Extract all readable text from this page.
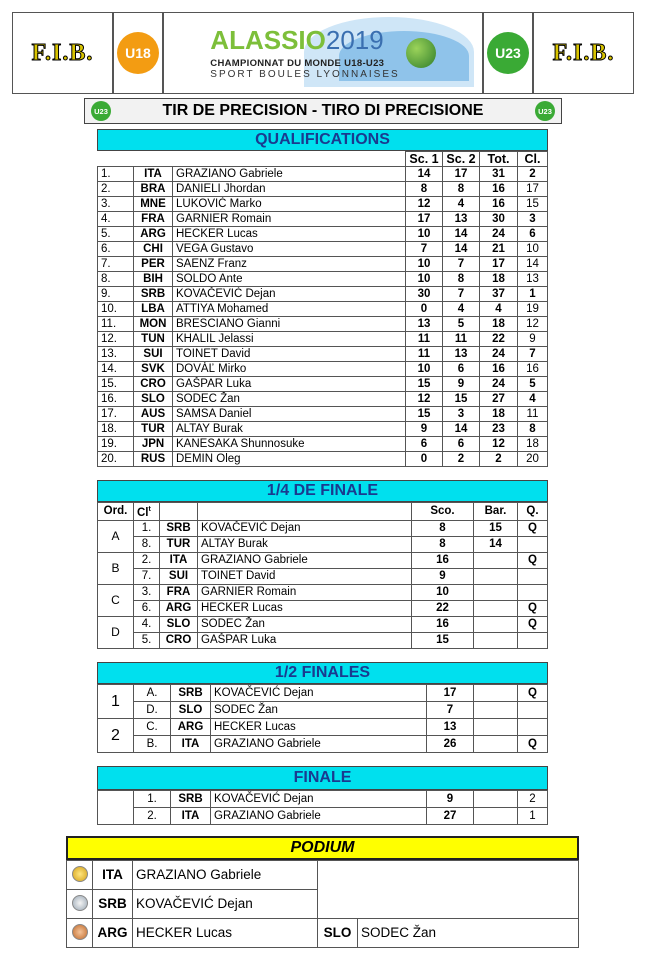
F.I.B.	U18	ALASSIO2019
CHAMPIONNAT DU MONDE U18-U23
SPORT BOULES LYONNAISES
U23	F.I.B.
U23	TIR DE PRECISION - TIRO DI PRECISIONE	U23
QUALIFICATIONS
			Sc. 1	Sc. 2	Tot.	Cl.
1.	ITA	GRAZIANO Gabriele	14	17	31	2
2.	BRA	DANIELI Jhordan	8	8	16	17
3.	MNE	LUKOVIĆ Marko	12	4	16	15
4.	FRA	GARNIER Romain	17	13	30	3
5.	ARG	HECKER Lucas	10	14	24	6
6.	CHI	VEGA Gustavo	7	14	21	10
7.	PER	SAENZ Franz	10	7	17	14
8.	BIH	SOLDO Ante	10	8	18	13
9.	SRB	KOVAČEVIĆ Dejan	30	7	37	1
10.	LBA	ATTIYA Mohamed	0	4	4	19
11.	MON	BRESCIANO Gianni	13	5	18	12
12.	TUN	KHALIL Jelassi	11	11	22	9
13.	SUI	TOINET David	11	13	24	7
14.	SVK	DOVÁĽ Mirko	10	6	16	16
15.	CRO	GAŠPAR Luka	15	9	24	5
16.	SLO	SODEC Žan	12	15	27	4
17.	AUS	SAMSA Daniel	15	3	18	11
18.	TUR	ALTAY Burak	9	14	23	8
19.	JPN	KANESAKA Shunnosuke	6	6	12	18
20.	RUS	DEMIN Oleg	0	2	2	20
1/4 DE FINALE
Ord.	Cl$^t$			Sco.	Bar.	Q.
A	1.	SRB	KOVAČEVIĆ Dejan	8	15	Q
	8.	TUR	ALTAY Burak	8	14	
B	2.	ITA	GRAZIANO Gabriele	16		Q
	7.	SUI	TOINET David	9		
C	3.	FRA	GARNIER Romain	10		
	6.	ARG	HECKER Lucas	22		Q
D	4.	SLO	SODEC Žan	16		Q
	5.	CRO	GAŠPAR Luka	15		
1/2 FINALES
1	A.	SRB	KOVAČEVIĆ Dejan	17		Q
	D.	SLO	SODEC Žan	7		
2	C.	ARG	HECKER Lucas	13		
	B.	ITA	GRAZIANO Gabriele	26		Q
FINALE
	1.	SRB	KOVAČEVIĆ Dejan	9		2
	2.	ITA	GRAZIANO Gabriele	27		1
PODIUM
	ITA	GRAZIANO Gabriele		
	SRB	KOVAČEVIĆ Dejan		
	ARG	HECKER Lucas	SLO	SODEC Žan
